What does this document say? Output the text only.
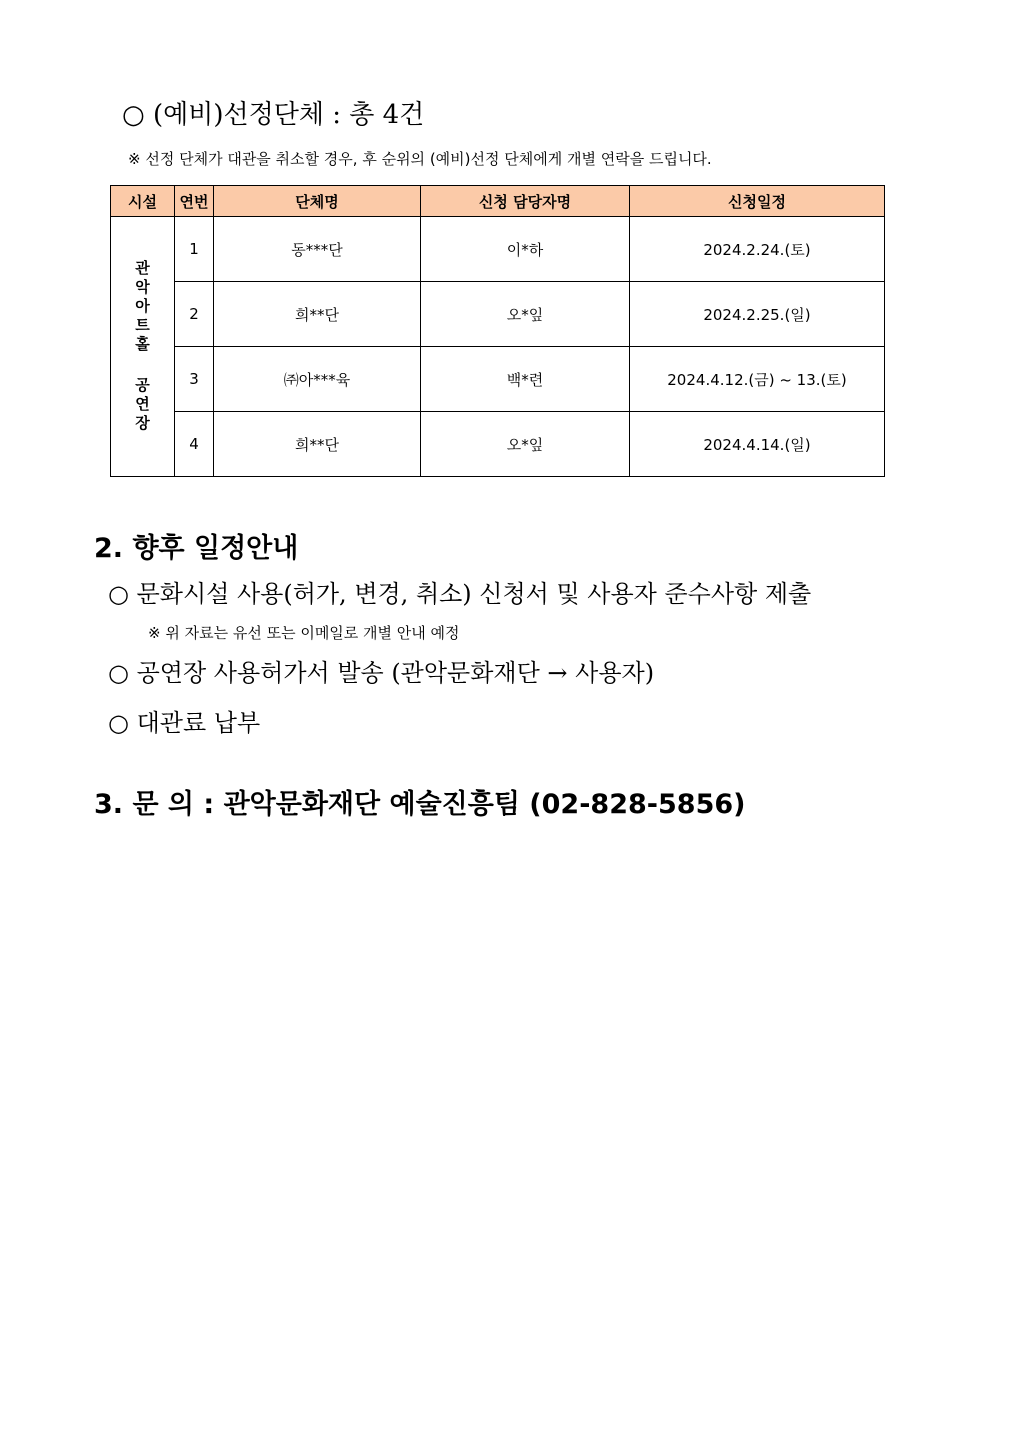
○ (예비)선정단체 : 총 4건
※ 선정 단체가 대관을 취소할 경우, 후 순위의 (예비)선정 단체에게 개별 연락을 드립니다.
시설	연번	단체명	신청 담당자명	신청일정

관악아트홀 공연장	1	동***단	이*하	2024.2.24.(토)
	2	희**단	오*잎	2024.2.25.(일)
	3	㈜아***육	백*련	2024.4.12.(금) ~ 13.(토)
	4	희**단	오*잎	2024.4.14.(일)
2. 향후 일정안내
○ 문화시설 사용(허가, 변경, 취소) 신청서 및 사용자 준수사항 제출
※ 위 자료는 유선 또는 이메일로 개별 안내 예정
○ 공연장 사용허가서 발송 (관악문화재단 → 사용자)
○ 대관료 납부
3. 문 의 : 관악문화재단 예술진흥팀 (02-828-5856)
